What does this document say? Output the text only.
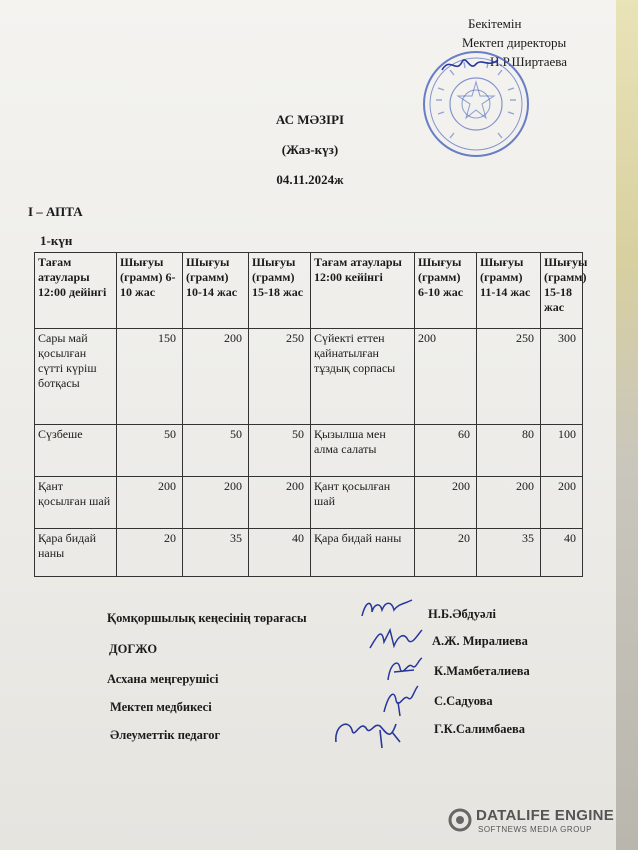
Бекітемін
Мектеп директоры
Н.Р.Ширтаева
АС МӘЗІРІ
(Жаз-күз)
04.11.2024ж
І – АПТА
1-күн
Тағам атаулары 12:00 дейінгі	Шығуы (грамм) 6-10 жас	Шығуы (грамм) 10-14 жас	Шығуы (грамм) 15-18 жас	Тағам атаулары 12:00 кейінгі	Шығуы (грамм) 6-10 жас	Шығуы (грамм) 11-14 жас	Шығуы (грамм) 15-18 жас
Сары май қосылған сүтті күріш ботқасы	150	200	250	Сүйекті еттен қайнатылған тұздық сорпасы	200	250	300
Сүзбеше	50	50	50	Қызылша мен алма салаты	60	80	100
Қант қосылған шай	200	200	200	Қант қосылған шай	200	200	200
Қара бидай наны	20	35	40	Қара бидай наны	20	35	40
Қомқоршылық кеңесінің төрағасы	Н.Б.Әбдуәлі
ДОГЖО
А.Ж. Миралиева
Асхана меңгерушісі
К.Мамбеталиева
Мектеп медбикесі	С.Садуова
Әлеуметтік педагог	Г.К.Салимбаева
DATALIFE ENGINE
SOFTNEWS MEDIA GROUP
